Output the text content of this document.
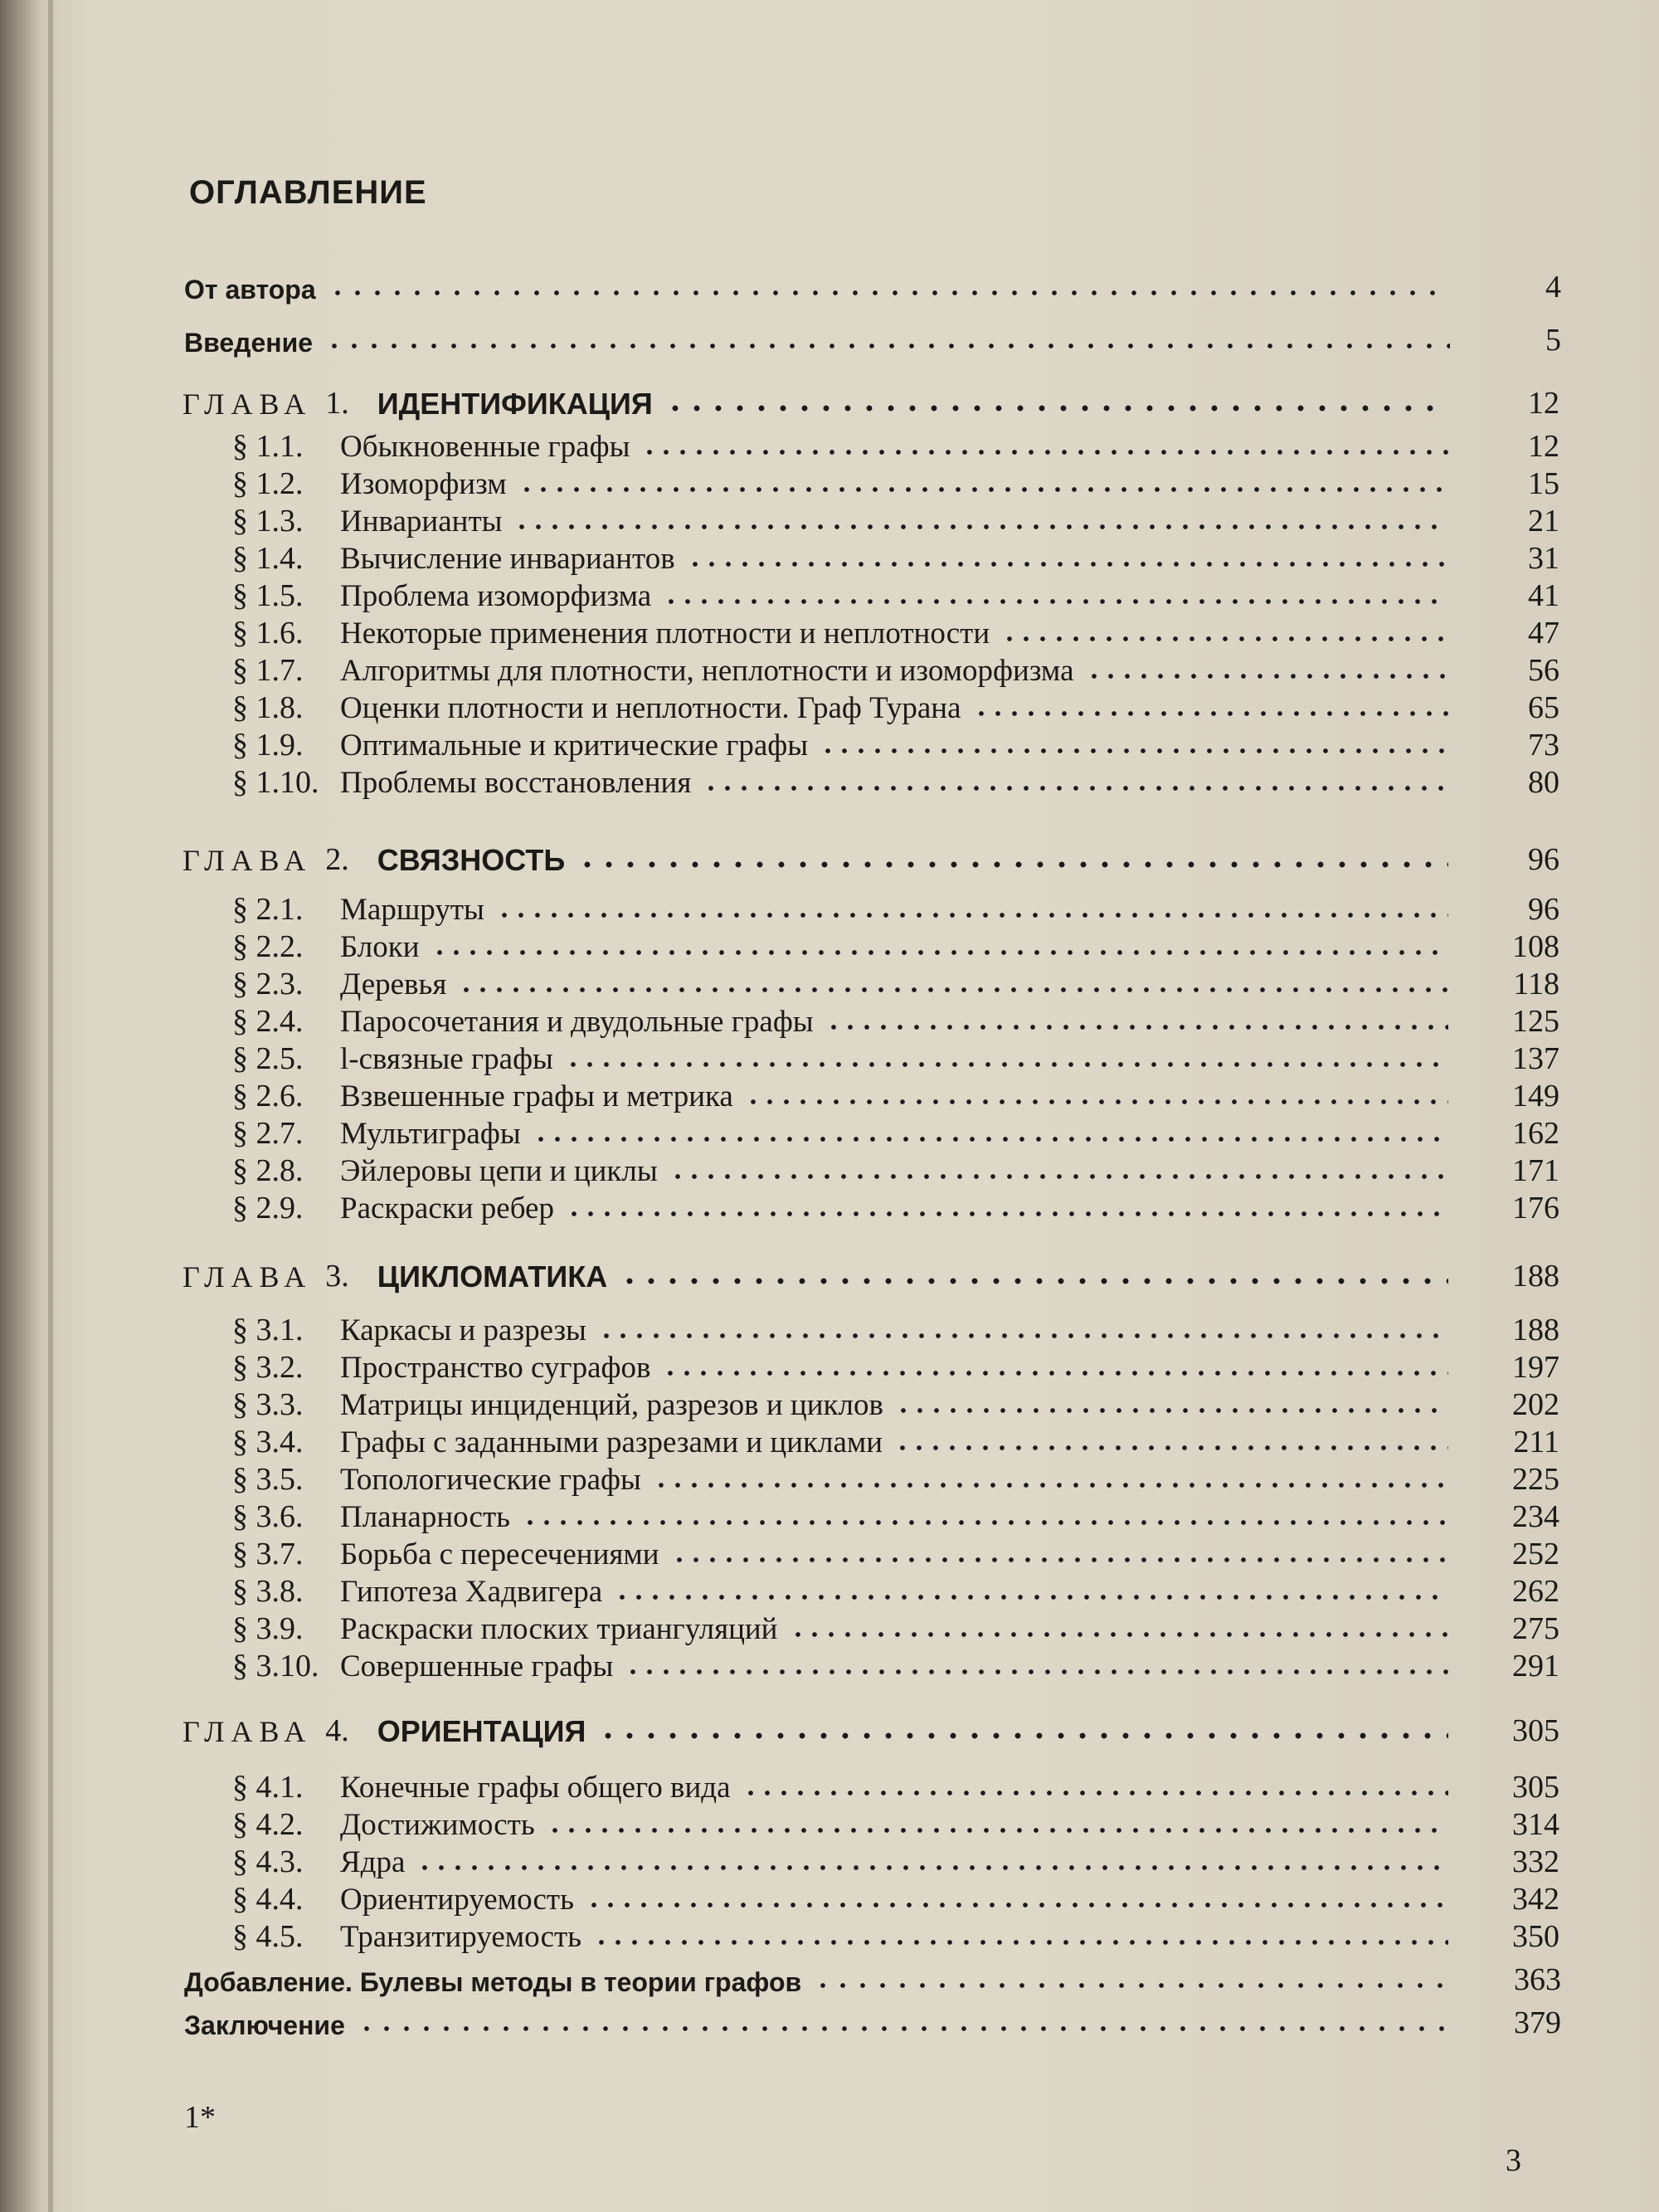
ОГЛАВЛЕНИЕ
От автора	4
Введение	5
ГЛАВА 1. ИДЕНТИФИКАЦИЯ	12
§ 1.1.	Обыкновенные графы	12
§ 1.2.	Изоморфизм	15
§ 1.3.	Инварианты	21
§ 1.4.	Вычисление инвариантов	31
§ 1.5.	Проблема изоморфизма	41
§ 1.6.	Некоторые применения плотности и неплотности	47
§ 1.7.	Алгоритмы для плотности, неплотности и изоморфизма	56
§ 1.8.	Оценки плотности и неплотности. Граф Турана	65
§ 1.9.	Оптимальные и критические графы	73
§ 1.10. Проблемы восстановления	80
ГЛАВА 2. СВЯЗНОСТЬ	96
§ 2.1.	Маршруты	96
§ 2.2.	Блоки	108
§ 2.3.	Деревья	118
§ 2.4.	Паросочетания и двудольные графы	125
§ 2.5.	l-связные графы	137
§ 2.6.	Взвешенные графы и метрика	149
§ 2.7.	Мультиграфы	162
§ 2.8.	Эйлеровы цепи и циклы	171
§ 2.9.	Раскраски ребер	176
ГЛАВА 3. ЦИКЛОМАТИКА	188
§ 3.1.	Каркасы и разрезы	188
§ 3.2.	Пространство суграфов	197
§ 3.3.	Матрицы инциденций, разрезов и циклов	202
§ 3.4.	Графы с заданными разрезами и циклами	211
§ 3.5.	Топологические графы	225
§ 3.6.	Планарность	234
§ 3.7.	Борьба с пересечениями	252
§ 3.8.	Гипотеза Хадвигера	262
§ 3.9.	Раскраски плоских триангуляций	275
§ 3.10. Совершенные графы	291
ГЛАВА 4. ОРИЕНТАЦИЯ	305
§ 4.1.	Конечные графы общего вида	305
§ 4.2.	Достижимость	314
§ 4.3.	Ядра	332
§ 4.4.	Ориентируемость	342
§ 4.5.	Транзитируемость	350
Добавление. Булевы методы в теории графов	363
Заключение	379
1*
3
